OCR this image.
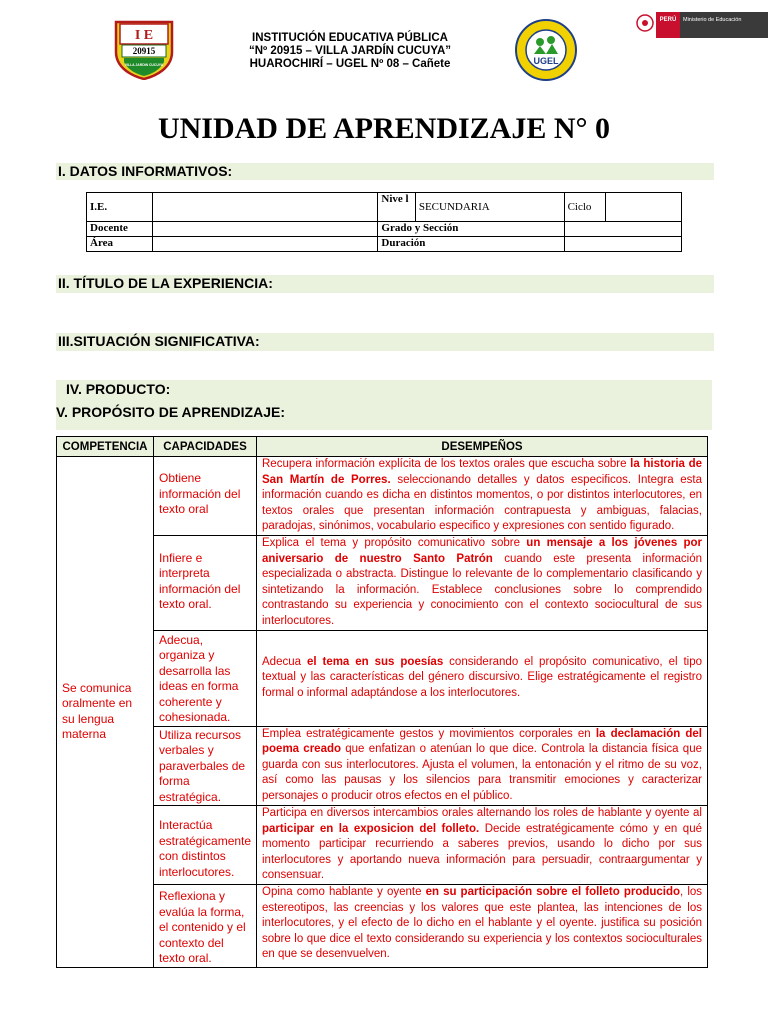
I E
20915
VILLA JARDIN CUCUYA
INSTITUCIÓN EDUCATIVA PÚBLICA
“Nº 20915 – VILLA JARDÍN CUCUYA”
HUAROCHIRÍ – UGEL Nº 08 – Cañete	UGEL
PERÚ Ministerio de Educación
UNIDAD DE APRENDIZAJE N° 0
I. DATOS INFORMATIVOS:
I.E.		Nive l	SECUNDARIA	Ciclo	
Docente		Grado y Sección			
Área		Duración			
II. TÍTULO DE LA EXPERIENCIA:
III.SITUACIÓN SIGNIFICATIVA:
IV. PRODUCTO:
V. PROPÓSITO DE APRENDIZAJE:
COMPETENCIA	CAPACIDADES	DESEMPEÑOS
Se comunica oralmente en su lengua materna	Obtiene información del texto oral	Recupera información explícita de los textos orales que escucha sobre la historia de San Martín de Porres. seleccionando detalles y datos especificos. Integra esta información cuando es dicha en distintos momentos, o por distintos interlocutores, en textos orales que presentan información contrapuesta y ambiguas, falacias, paradojas, sinónimos, vocabulario especifico y expresiones con sentido figurado.
	Infiere e interpreta información del texto oral.	Explica el tema y propósito comunicativo sobre un mensaje a los jóvenes por aniversario de nuestro Santo Patrón cuando este presenta información especializada o abstracta. Distingue lo relevante de lo complementario clasificando y sintetizando la información. Establece conclusiones sobre lo comprendido contrastando su experiencia y conocimiento con el contexto sociocultural de sus interlocutores.
	Adecua, organiza y desarrolla las ideas en forma coherente y cohesionada.	Adecua el tema en sus poesías considerando el propósito comunicativo, el tipo textual y las características del género discursivo. Elige estratégicamente el registro formal o informal adaptándose a los interlocutores.
	Utiliza recursos verbales y paraverbales de forma estratégica.	Emplea estratégicamente gestos y movimientos corporales en la declamación del poema creado que enfatizan o atenúan lo que dice. Controla la distancia física que guarda con sus interlocutores. Ajusta el volumen, la entonación y el ritmo de su voz, así como las pausas y los silencios para transmitir emociones y caracterizar personajes o producir otros efectos en el público.
	Interactúa estratégicamente con distintos interlocutores.	Participa en diversos intercambios orales alternando los roles de hablante y oyente al participar en la exposicion del folleto. Decide estratégicamente cómo y en qué momento participar recurriendo a saberes previos, usando lo dicho por sus interlocutores y aportando nueva información para persuadir, contraargumentar y consensuar.
	Reflexiona y evalúa la forma, el contenido y el contexto del texto oral.	Opina como hablante y oyente en su participación sobre el folleto producido, los estereotipos, las creencias y los valores que este plantea, las intenciones de los interlocutores, y el efecto de lo dicho en el hablante y el oyente. justifica su posición sobre lo que dice el texto considerando su experiencia y los contextos socioculturales en que se desenvuelven.
